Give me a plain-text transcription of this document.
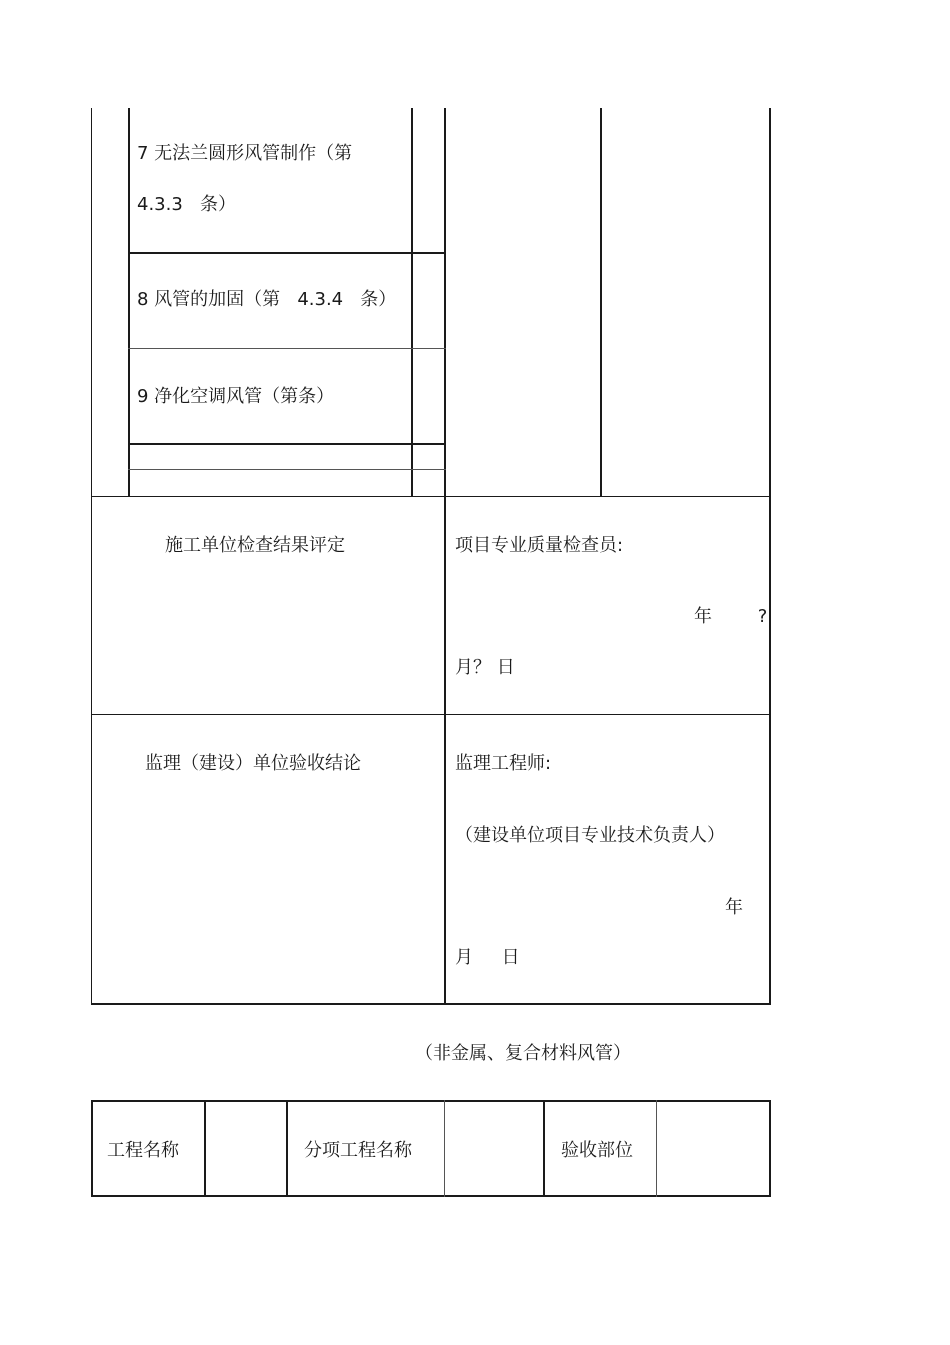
7 无法兰圆形风管制作（第
4.3.3   条）
8 风管的加固（第   4.3.4   条）
9 净化空调风管（第条）
施工单位检查结果评定	项目专业质量检查员:
年        ?
月？ 日
监理（建设）单位验收结论	监理工程师:
（建设单位项目专业技术负责人）
年
月     日
（非金属、复合材料风管）
工程名称	分项工程名称	验收部位
